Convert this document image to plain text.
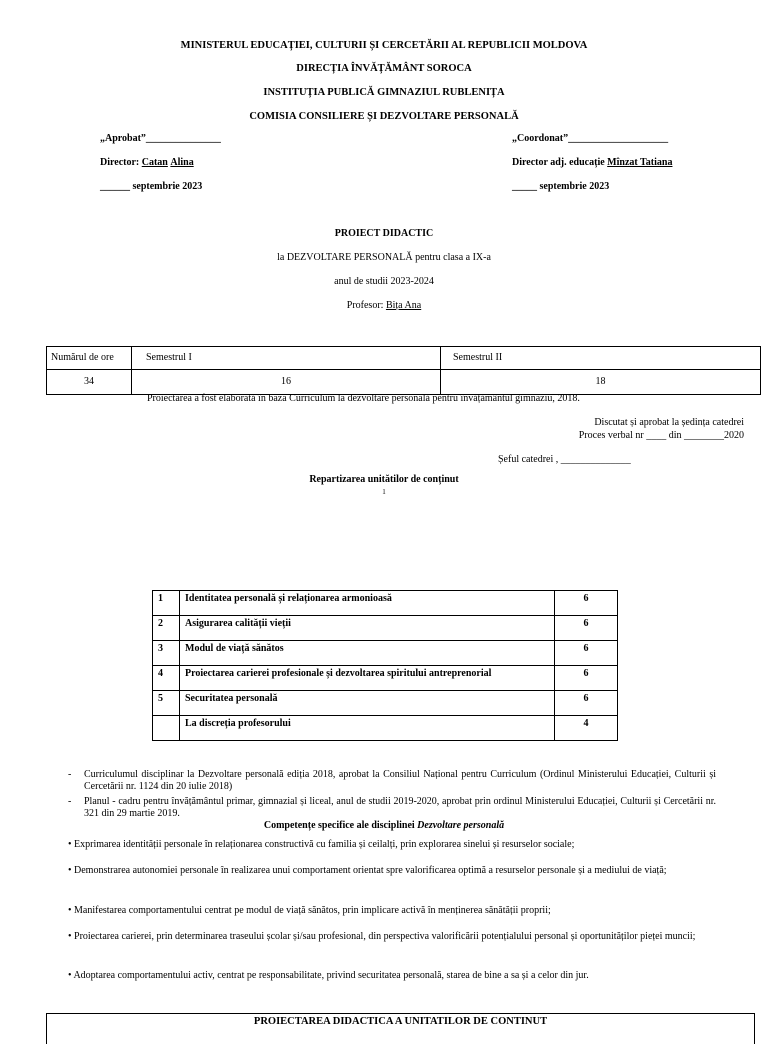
MINISTERUL EDUCAȚIEI, CULTURII ȘI CERCETĂRII AL REPUBLICII MOLDOVA
DIRECȚIA ÎNVĂȚĂMÂNT SOROCA
INSTITUȚIA PUBLICĂ GIMNAZIUL RUBLENIȚA
COMISIA CONSILIERE ȘI DEZVOLTARE PERSONALĂ
„Aprobat”_______________
Director: Catan Alina
______ septembrie 2023
„Coordonat”____________________
Director adj. educație Mînzat Tatiana
_____ septembrie 2023
PROIECT DIDACTIC
la DEZVOLTARE PERSONALĂ pentru clasa a IX-a
anul de studii 2023-2024
Profesor: Bița Ana
Numărul de ore	Semestrul I	Semestrul II
34	16	18
Proiectarea a fost elaborată în baza Curriculum la dezvoltare personală pentru învățământul gimnaziu, 2018.
Discutat și aprobat la ședința catedrei
Proces verbal nr ____ din ________2020
Șeful catedrei , ______________
Repartizarea unitătilor de conținut
1
1	Identitatea personală și relaționarea armonioasă	6
2	Asigurarea calității vieții	6
3	Modul de viață sănătos	6
4	Proiectarea carierei profesionale și dezvoltarea spiritului antreprenorial	6
5	Securitatea personală	6
	La discreția profesorului	4
- Curriculumul disciplinar la Dezvoltare personală ediția 2018, aprobat la Consiliul Național pentru Curriculum (Ordinul Ministerului Educației, Culturii și Cercetării nr. 1124 din 20 iulie 2018)
- Planul - cadru pentru învățământul primar, gimnazial și liceal, anul de studii 2019-2020, aprobat prin ordinul Ministerului Educației, Culturii și Cercetării nr. 321 din 29 martie 2019.
Competențe specifice ale disciplinei Dezvoltare personală
• Exprimarea identității personale în relaționarea constructivă cu familia și ceilalți, prin explorarea sinelui și resurselor sociale;
• Demonstrarea autonomiei personale în realizarea unui comportament orientat spre valorificarea optimă a resurselor personale și a mediului de viață;
• Manifestarea comportamentului centrat pe modul de viață sănătos, prin implicare activă în menținerea sănătății proprii;
• Proiectarea carierei, prin determinarea traseului școlar și/sau profesional, din perspectiva valorificării potențialului personal și oportunităților pieței muncii;
• Adoptarea comportamentului activ, centrat pe responsabilitate, privind securitatea personală, starea de bine a sa și a celor din jur.
PROIECTAREA DIDACTICA A UNITATILOR DE CONTINUT
